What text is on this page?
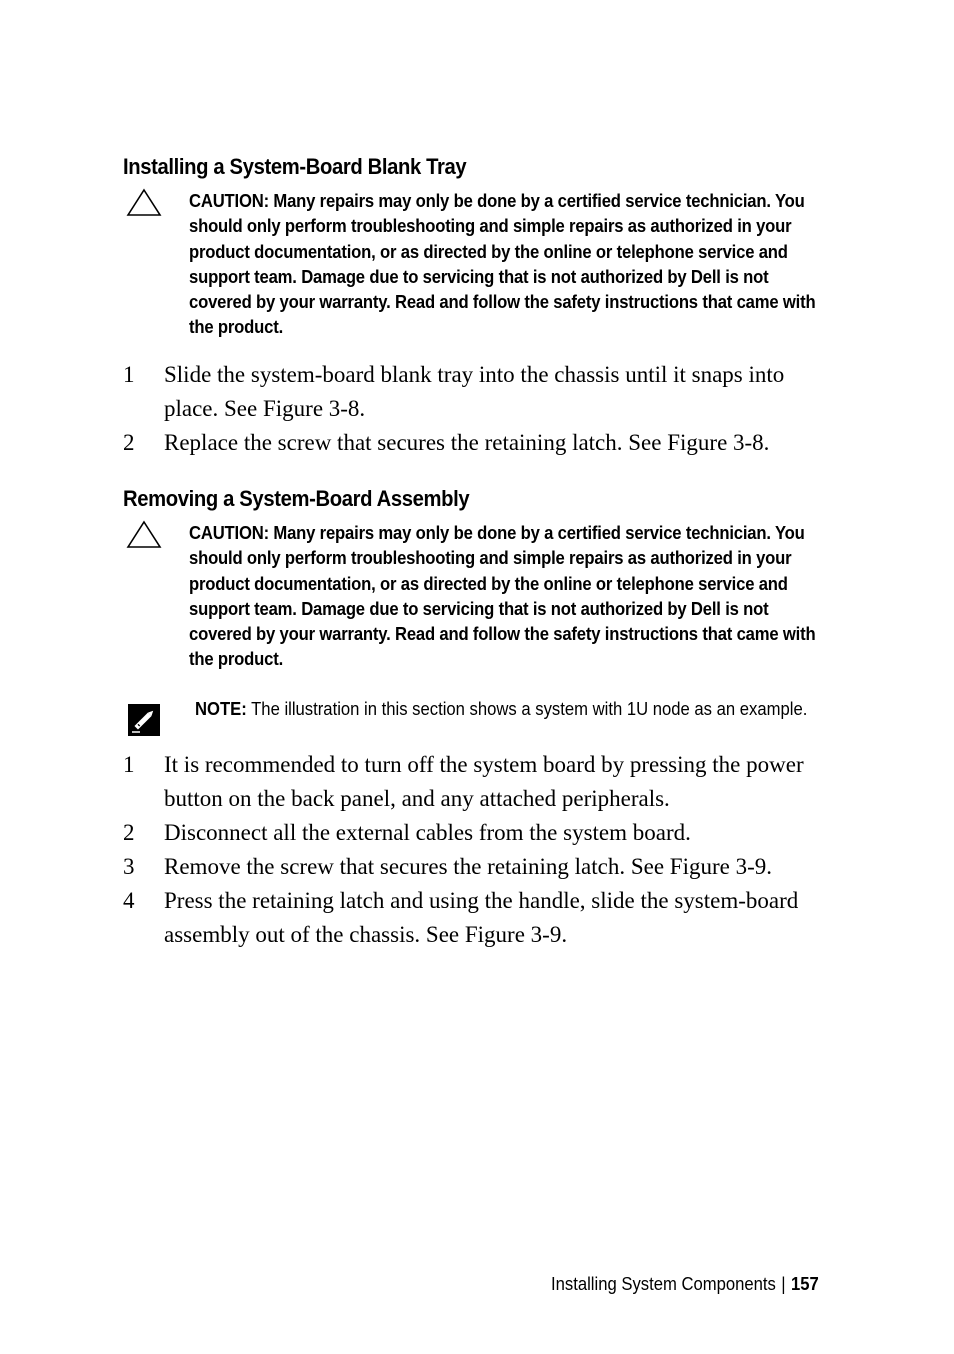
Installing a System-Board Blank Tray

CAUTION: Many repairs may only be done by a certified service technician. You should only perform troubleshooting and simple repairs as authorized in your product documentation, or as directed by the online or telephone service and support team. Damage due to servicing that is not authorized by Dell is not covered by your warranty. Read and follow the safety instructions that came with the product.

1 Slide the system-board blank tray into the chassis until it snaps into place. See Figure 3-8.
2 Replace the screw that secures the retaining latch. See Figure 3-8.
Removing a System-Board Assembly

CAUTION: Many repairs may only be done by a certified service technician. You should only perform troubleshooting and simple repairs as authorized in your product documentation, or as directed by the online or telephone service and support team. Damage due to servicing that is not authorized by Dell is not covered by your warranty. Read and follow the safety instructions that came with the product.

NOTE: The illustration in this section shows a system with 1U node as an example.

1 It is recommended to turn off the system board by pressing the power button on the back panel, and any attached peripherals.
2 Disconnect all the external cables from the system board.
3 Remove the screw that secures the retaining latch. See Figure 3-9.
4 Press the retaining latch and using the handle, slide the system-board assembly out of the chassis. See Figure 3-9.

Installing System Components | 157
